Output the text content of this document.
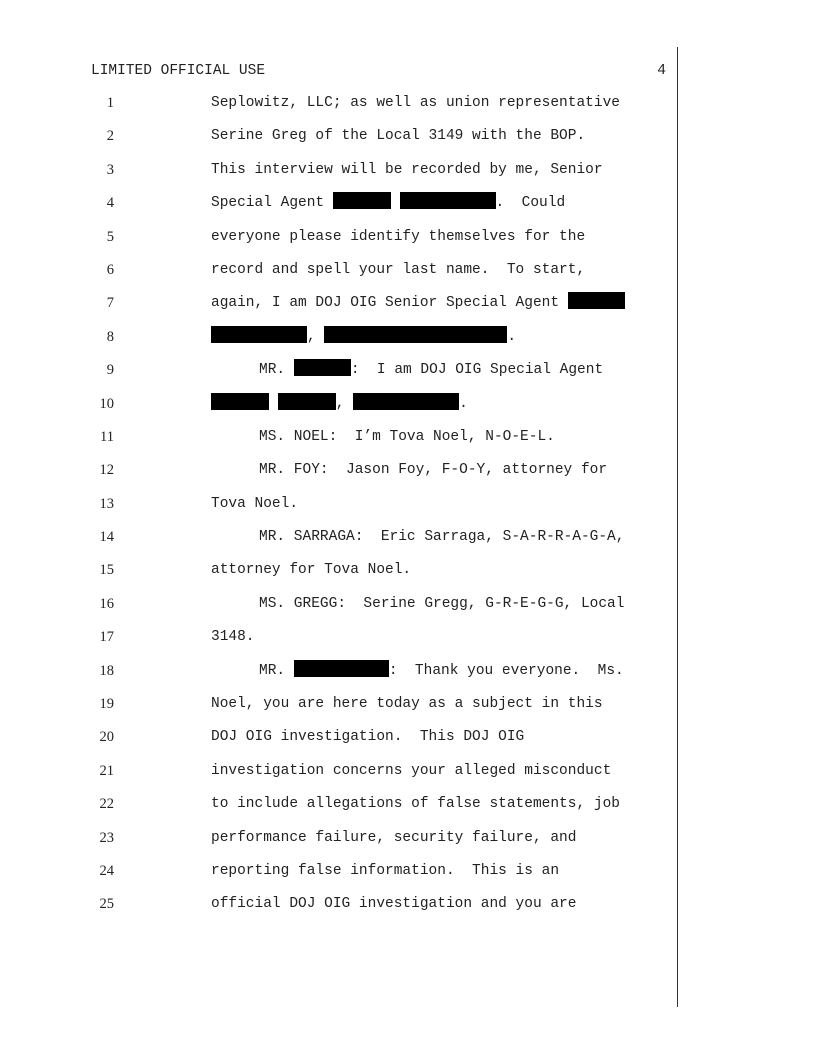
LIMITED OFFICIAL USE	4
1	Seplowitz, LLC; as well as union representative
2	Serine Greg of the Local 3149 with the BOP.
3	This interview will be recorded by me, Senior
4	Special Agent	.  Could
5	everyone please identify themselves for the
6	record and spell your last name.  To start,
7	again, I am DOJ OIG Senior Special Agent
8	,	.
9	MR.	:  I am DOJ OIG Special Agent
10	,	.
11	MS. NOEL:  I’m Tova Noel, N-O-E-L.
12	MR. FOY:  Jason Foy, F-O-Y, attorney for
13	Tova Noel.
14	MR. SARRAGA:  Eric Sarraga, S-A-R-R-A-G-A,
15	attorney for Tova Noel.
16	MS. GREGG:  Serine Gregg, G-R-E-G-G, Local
17	3148.
18	MR.	:  Thank you everyone.  Ms.
19	Noel, you are here today as a subject in this
20	DOJ OIG investigation.  This DOJ OIG
21	investigation concerns your alleged misconduct
22	to include allegations of false statements, job
23	performance failure, security failure, and
24	reporting false information.  This is an
25	official DOJ OIG investigation and you are
